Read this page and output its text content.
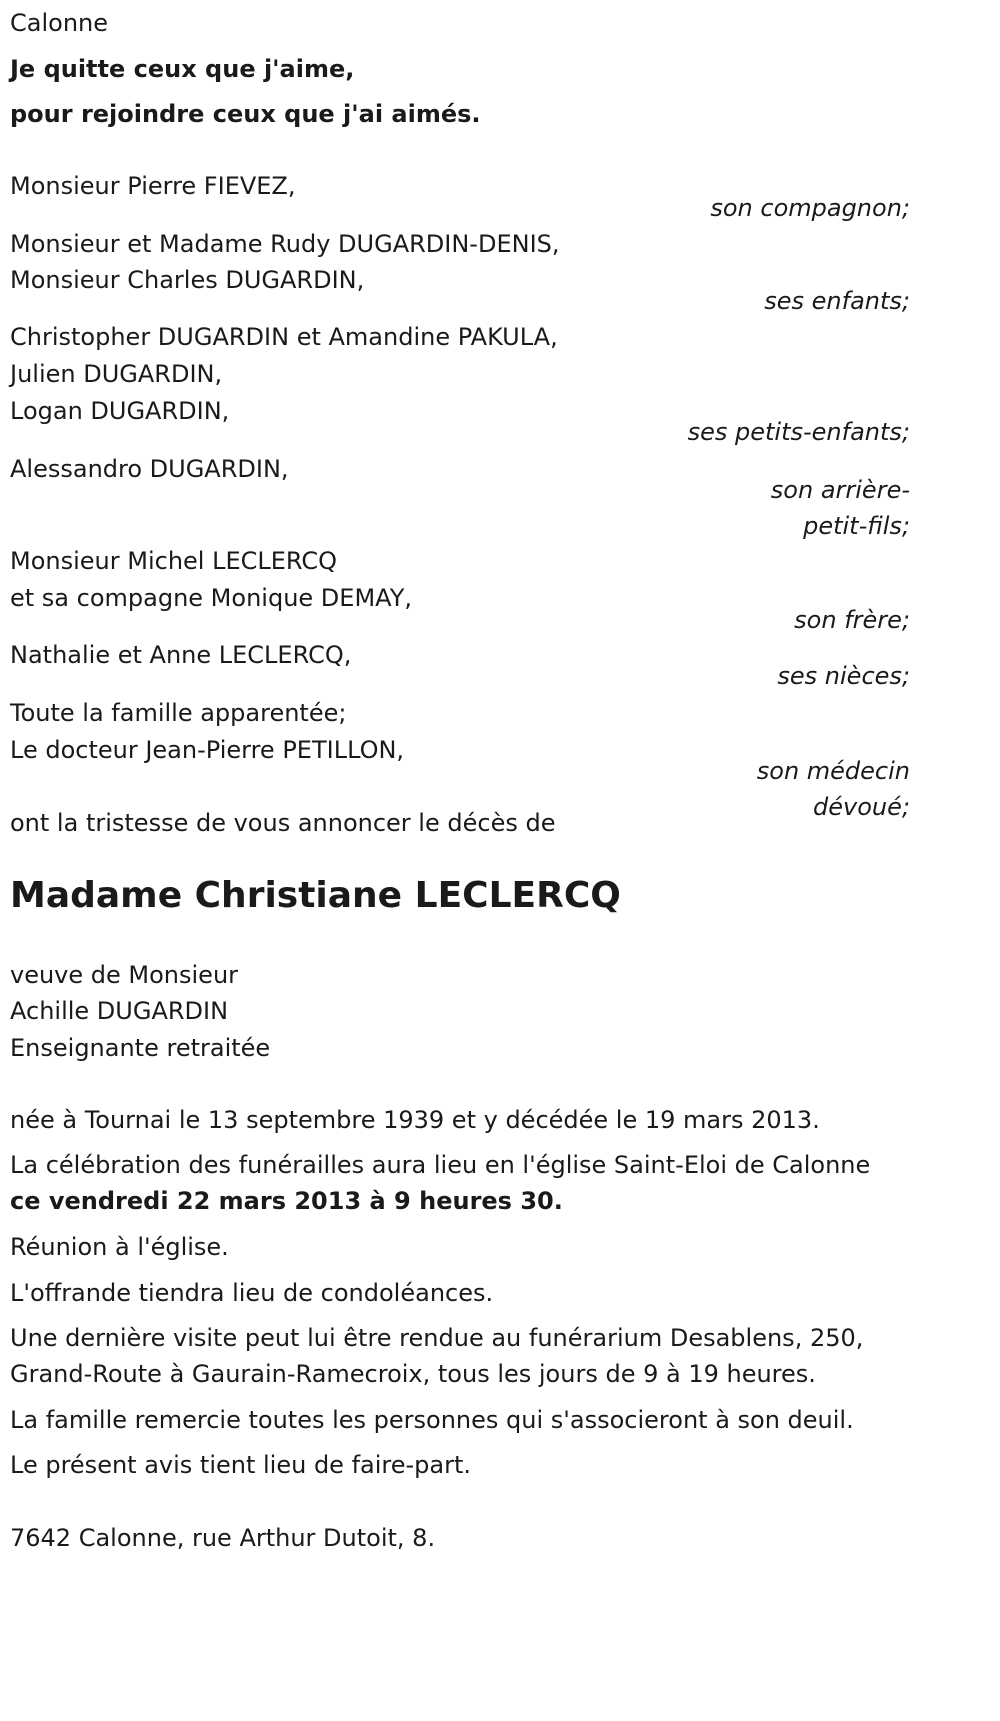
Calonne
Je quitte ceux que j'aime,
pour rejoindre ceux que j'ai aimés.
Monsieur Pierre FIEVEZ,
son compagnon;
Monsieur et Madame Rudy DUGARDIN-DENIS,
Monsieur Charles DUGARDIN,
ses enfants;
Christopher DUGARDIN et Amandine PAKULA,
Julien DUGARDIN,
Logan DUGARDIN,
ses petits-enfants;
Alessandro DUGARDIN,
son arrière-
petit-fils;
Monsieur Michel LECLERCQ
et sa compagne Monique DEMAY,
son frère;
Nathalie et Anne LECLERCQ,
ses nièces;
Toute la famille apparentée;
Le docteur Jean-Pierre PETILLON,
son médecin
dévoué;
ont la tristesse de vous annoncer le décès de
Madame Christiane LECLERCQ
veuve de Monsieur
Achille DUGARDIN
Enseignante retraitée
née à Tournai le 13 septembre 1939 et y décédée le 19 mars 2013.
La célébration des funérailles aura lieu en l'église Saint-Eloi de Calonne
ce vendredi 22 mars 2013 à 9 heures 30.
Réunion à l'église.
L'offrande tiendra lieu de condoléances.
Une dernière visite peut lui être rendue au funérarium Desablens, 250,
Grand-Route à Gaurain-Ramecroix, tous les jours de 9 à 19 heures.
La famille remercie toutes les personnes qui s'associeront à son deuil.
Le présent avis tient lieu de faire-part.
7642 Calonne, rue Arthur Dutoit, 8.
